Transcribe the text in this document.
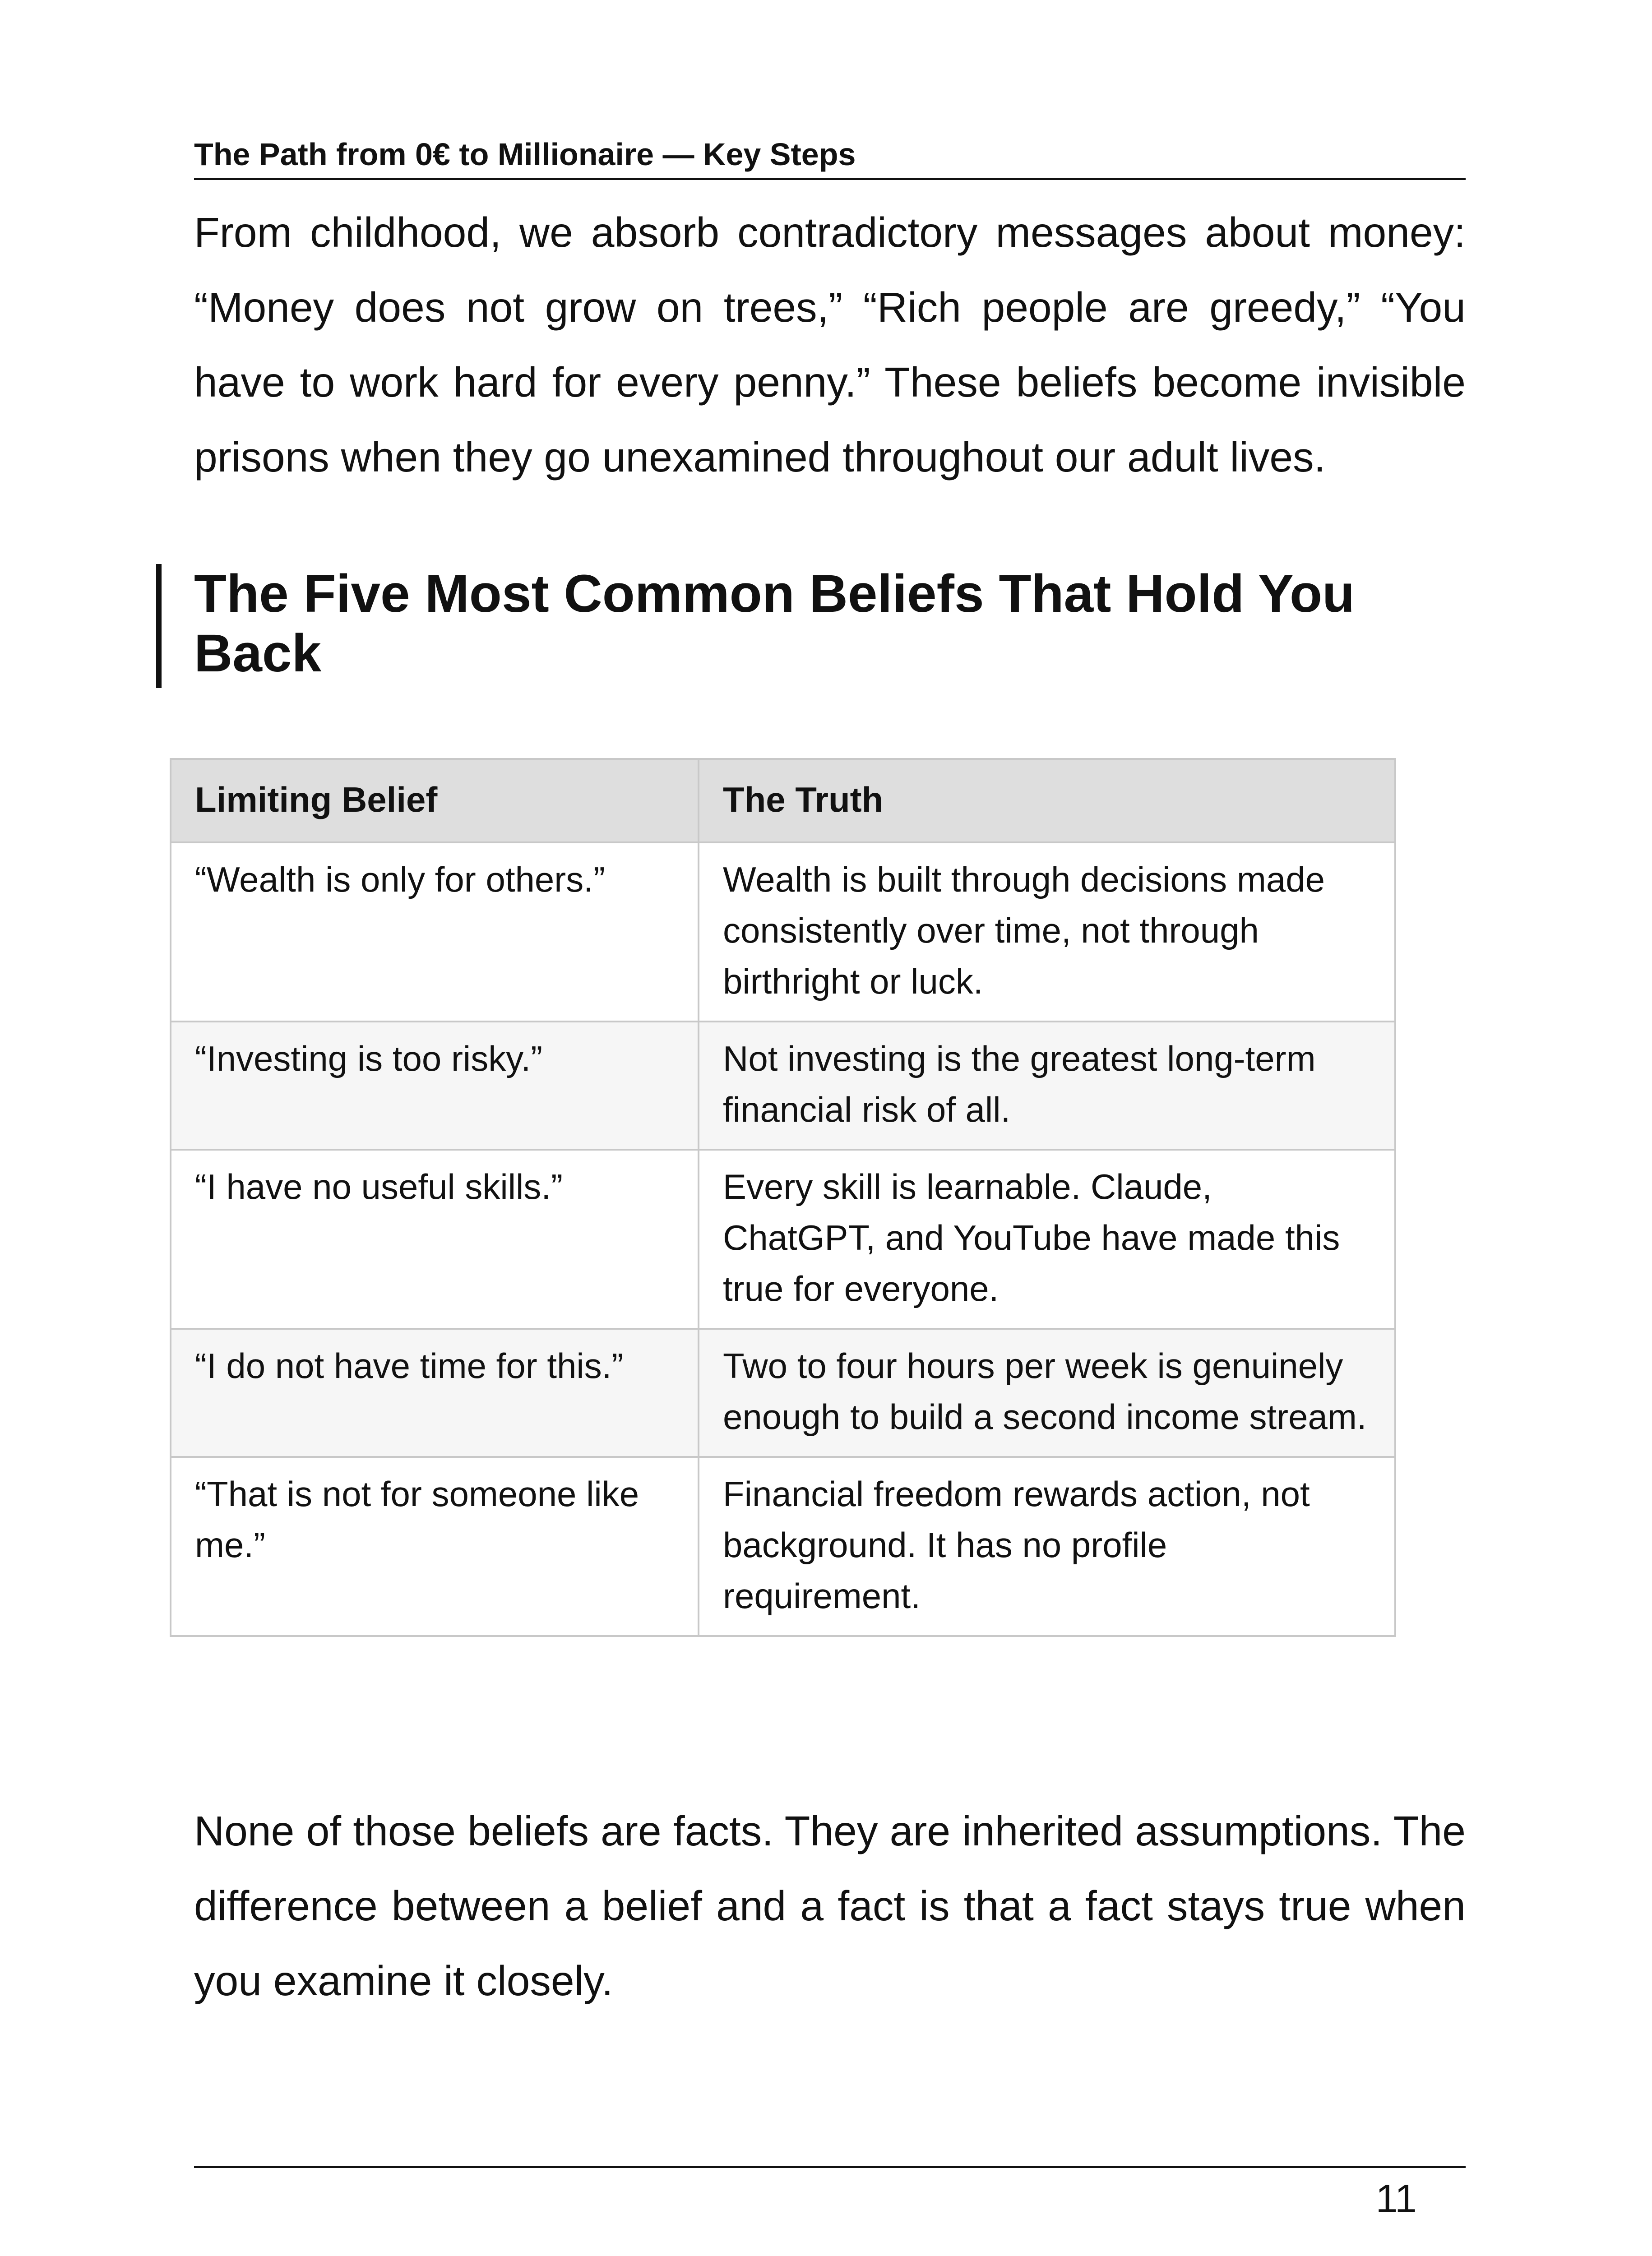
The Path from 0€ to Millionaire — Key Steps

From childhood, we absorb contradictory messages about money: “Money does not grow on trees,” “Rich people are greedy,” “You have to work hard for every penny.” These beliefs become invisible prisons when they go unexamined throughout our adult lives.

The Five Most Common Beliefs That Hold You Back
Limiting Belief	The Truth
“Wealth is only for others.”	Wealth is built through decisions made consistently over time, not through birthright or luck.
“Investing is too risky.”	Not investing is the greatest long-term financial risk of all.
“I have no useful skills.”	Every skill is learnable. Claude, ChatGPT, and YouTube have made this true for everyone.
“I do not have time for this.”	Two to four hours per week is genuinely enough to build a second income stream.
“That is not for someone like me.”	Financial freedom rewards action, not background. It has no profile requirement.

None of those beliefs are facts. They are inherited assumptions. The difference between a belief and a fact is that a fact stays true when you examine it closely.

11
